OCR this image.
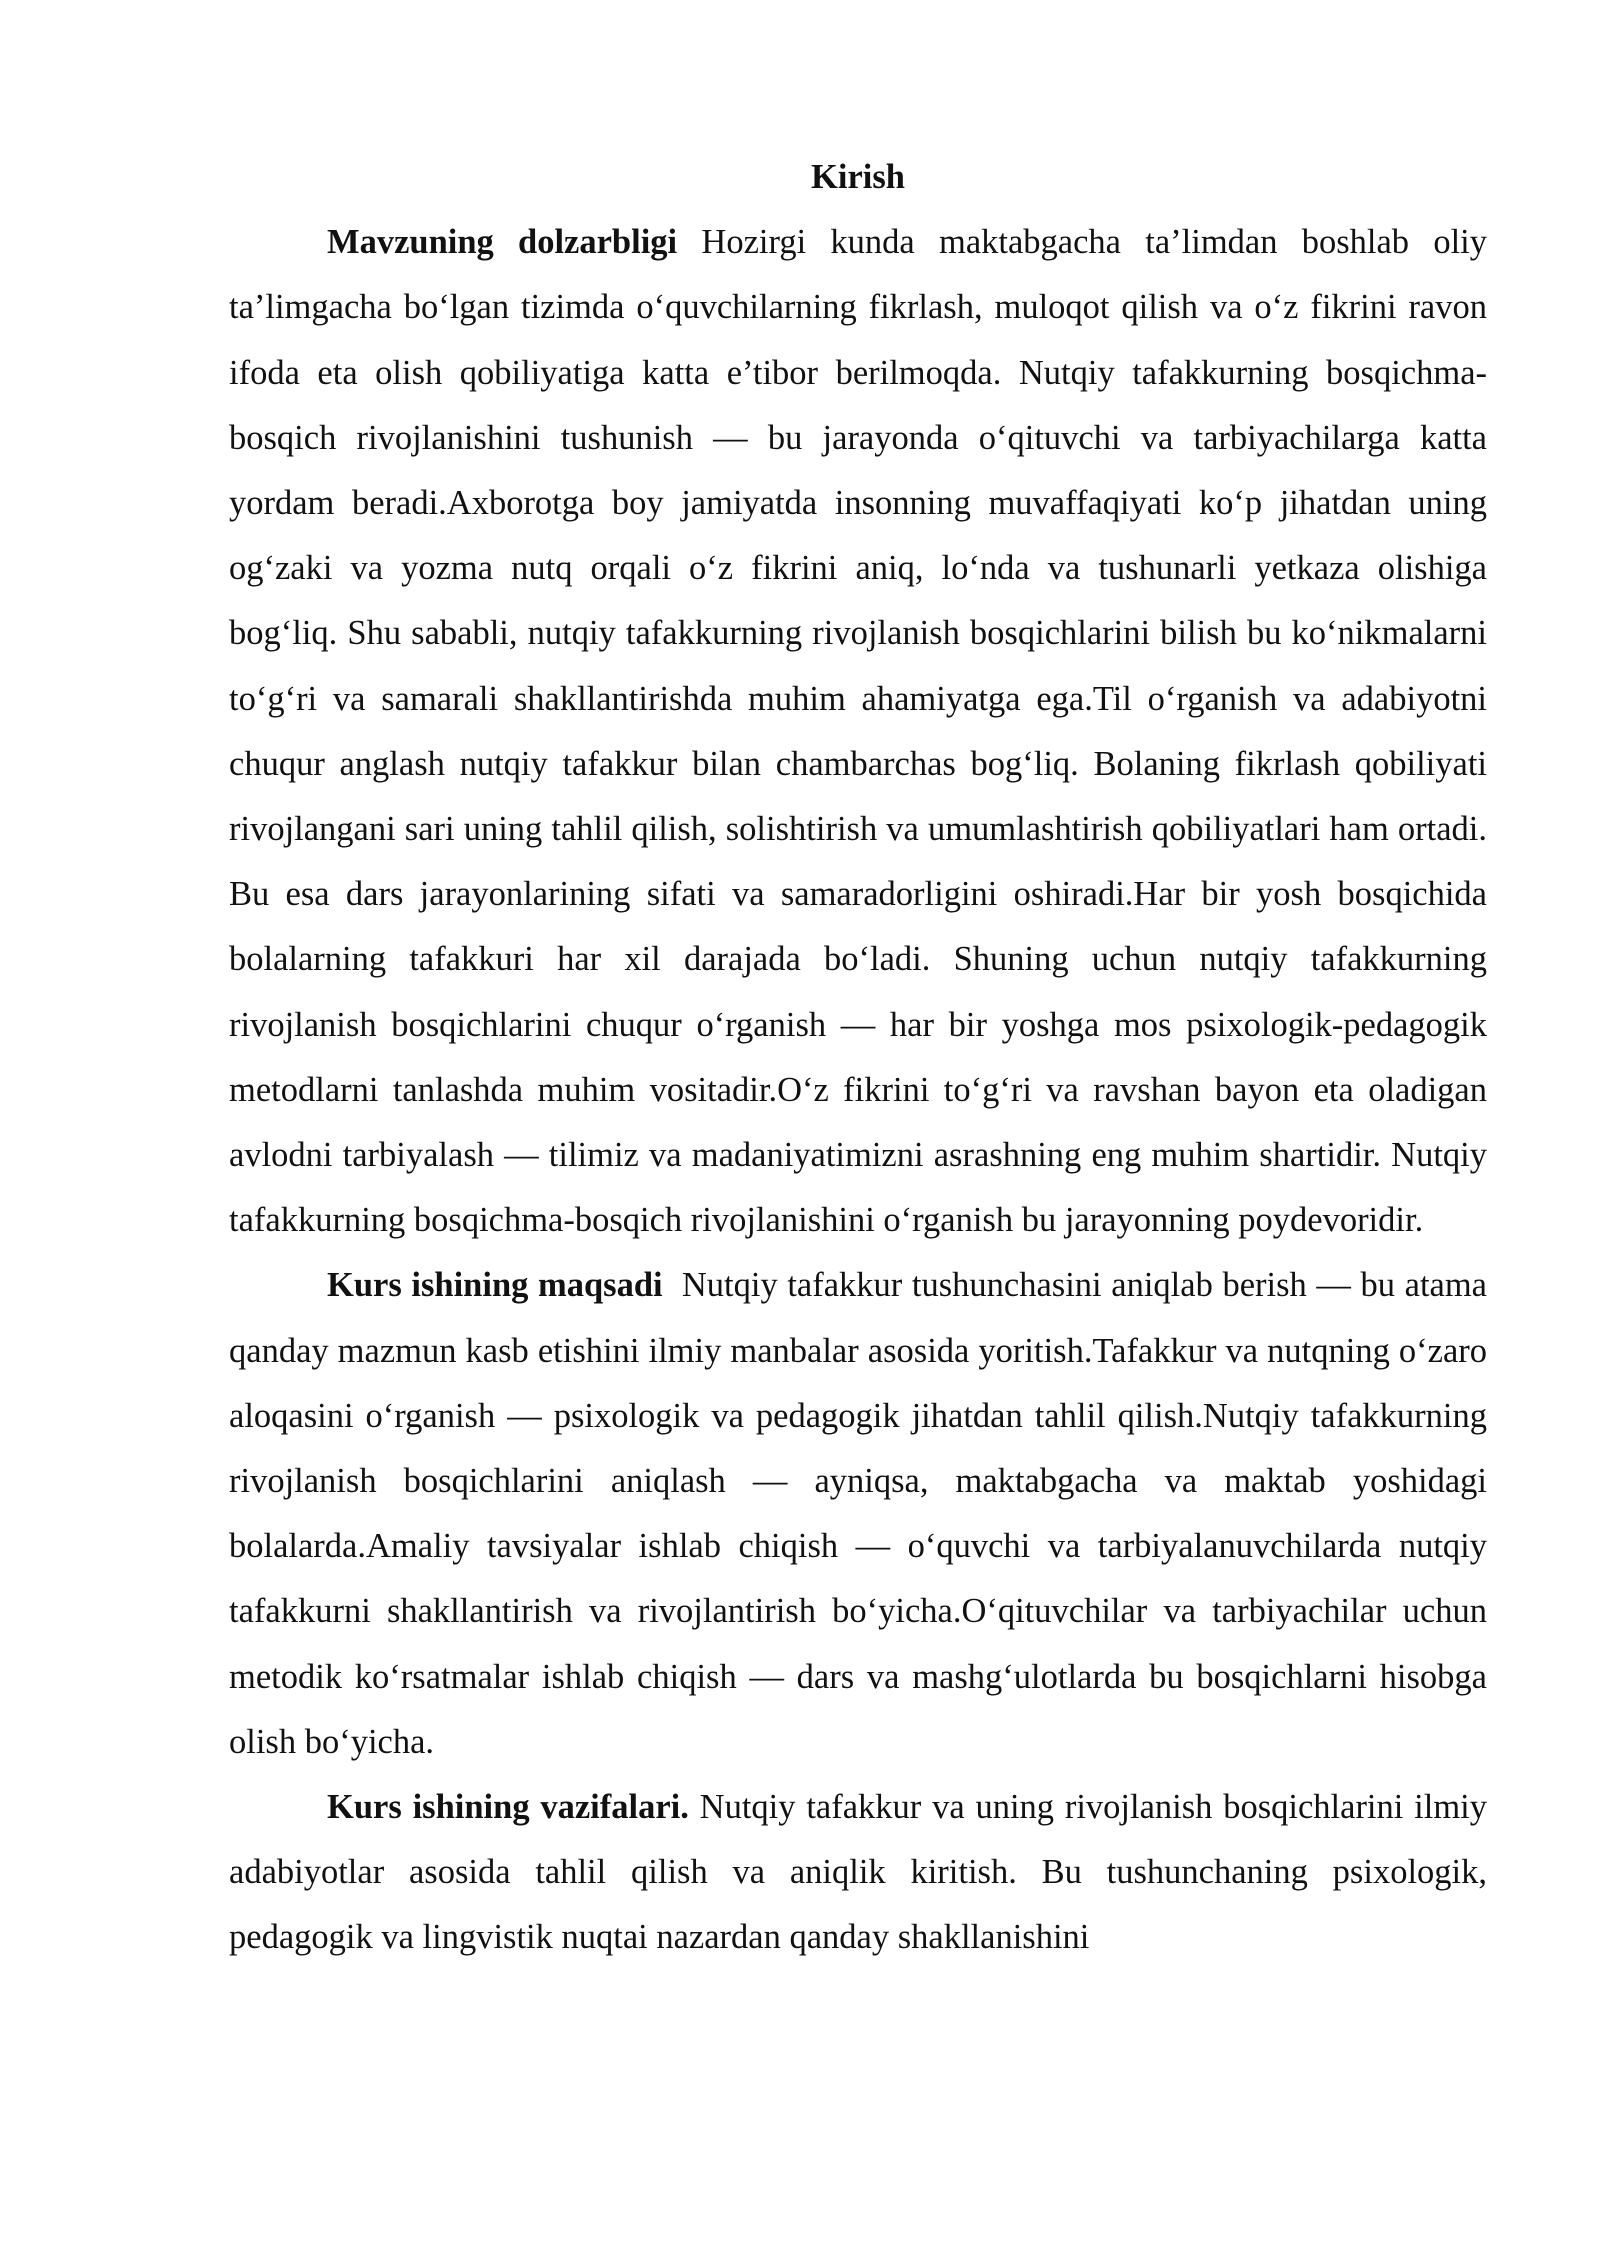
Kirish

Mavzuning dolzarbligi Hozirgi kunda maktabgacha ta’limdan boshlab oliy ta’limgacha bo‘lgan tizimda o‘quvchilarning fikrlash, muloqot qilish va o‘z fikrini ravon ifoda eta olish qobiliyatiga katta e’tibor berilmoqda. Nutqiy tafakkurning bosqichma-bosqich rivojlanishini tushunish — bu jarayonda o‘qituvchi va tarbiyachilarga katta yordam beradi.Axborotga boy jamiyatda insonning muvaffaqiyati ko‘p jihatdan uning og‘zaki va yozma nutq orqali o‘z fikrini aniq, lo‘nda va tushunarli yetkaza olishiga bog‘liq. Shu sababli, nutqiy tafakkurning rivojlanish bosqichlarini bilish bu ko‘nikmalarni to‘g‘ri va samarali shakllantirishda muhim ahamiyatga ega.Til o‘rganish va adabiyotni chuqur anglash nutqiy tafakkur bilan chambarchas bog‘liq. Bolaning fikrlash qobiliyati rivojlangani sari uning tahlil qilish, solishtirish va umumlashtirish qobiliyatlari ham ortadi. Bu esa dars jarayonlarining sifati va samaradorligini oshiradi.Har bir yosh bosqichida bolalarning tafakkuri har xil darajada bo‘ladi. Shuning uchun nutqiy tafakkurning rivojlanish bosqichlarini chuqur o‘rganish — har bir yoshga mos psixologik-pedagogik metodlarni tanlashda muhim vositadir.O‘z fikrini to‘g‘ri va ravshan bayon eta oladigan avlodni tarbiyalash — tilimiz va madaniyatimizni asrashning eng muhim shartidir. Nutqiy tafakkurning bosqichma-bosqich rivojlanishini o‘rganish bu jarayonning poydevoridir.

Kurs ishining maqsadi  Nutqiy tafakkur tushunchasini aniqlab berish — bu atama qanday mazmun kasb etishini ilmiy manbalar asosida yoritish.Tafakkur va nutqning o‘zaro aloqasini o‘rganish — psixologik va pedagogik jihatdan tahlil qilish.Nutqiy tafakkurning rivojlanish bosqichlarini aniqlash — ayniqsa, maktabgacha va maktab yoshidagi bolalarda.Amaliy tavsiyalar ishlab chiqish — o‘quvchi va tarbiyalanuvchilarda nutqiy tafakkurni shakllantirish va rivojlantirish bo‘yicha.O‘qituvchilar va tarbiyachilar uchun metodik ko‘rsatmalar ishlab chiqish — dars va mashg‘ulotlarda bu bosqichlarni hisobga olish bo‘yicha.

Kurs ishining vazifalari. Nutqiy tafakkur va uning rivojlanish bosqichlarini ilmiy adabiyotlar asosida tahlil qilish va aniqlik kiritish. Bu tushunchaning psixologik, pedagogik va lingvistik nuqtai nazardan qanday shakllanishini
